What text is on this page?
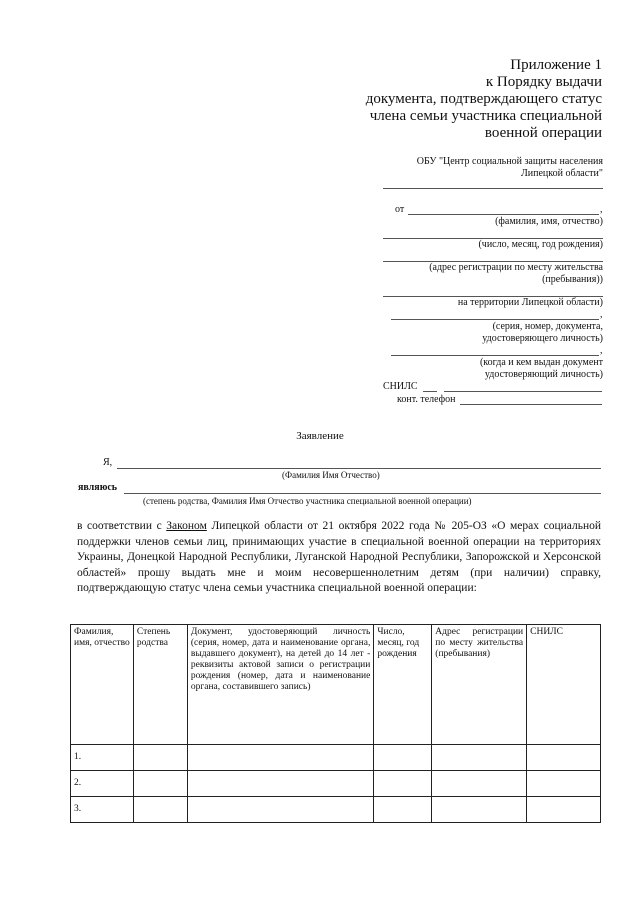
Приложение 1
к Порядку выдачи
документа, подтверждающего статус
члена семьи участника специальной
военной операции
ОБУ "Центр социальной защиты населения
Липецкой области"
от	,
(фамилия, имя, отчество)
(число, месяц, год рождения)
(адрес регистрации по месту жительства
(пребывания))
на территории Липецкой области)
,
(серия, номер, документа,
удостоверяющего личность)
,
(когда и кем выдан документ
удостоверяющий личность)
СНИЛС
конт. телефон
Заявление
Я,
(Фамилия Имя Отчество)
являюсь
(степень родства, Фамилия Имя Отчество участника специальной военной операции)
в соответствии с Законом Липецкой области от 21 октября 2022 года № 205-ОЗ «О мерах социальной поддержки членов семьи лиц, принимающих участие в специальной военной операции на территориях Украины, Донецкой Народной Республики, Луганской Народной Республики, Запорожской и Херсонской областей» прошу выдать мне и моим несовершеннолетним детям (при наличии) справку, подтверждающую статус члена семьи участника специальной военной операции:
Фамилия, имя, отчество	Степень родства	Документ, удостоверяющий личность (серия, номер, дата и наименование органа, выдавшего документ), на детей до 14 лет - реквизиты актовой записи о регистрации рождения (номер, дата и наименование органа, составившего запись)	Число, месяц, год рождения	Адрес регистрации по месту жительства (пребывания)	СНИЛС
1.					
2.					
3.					
